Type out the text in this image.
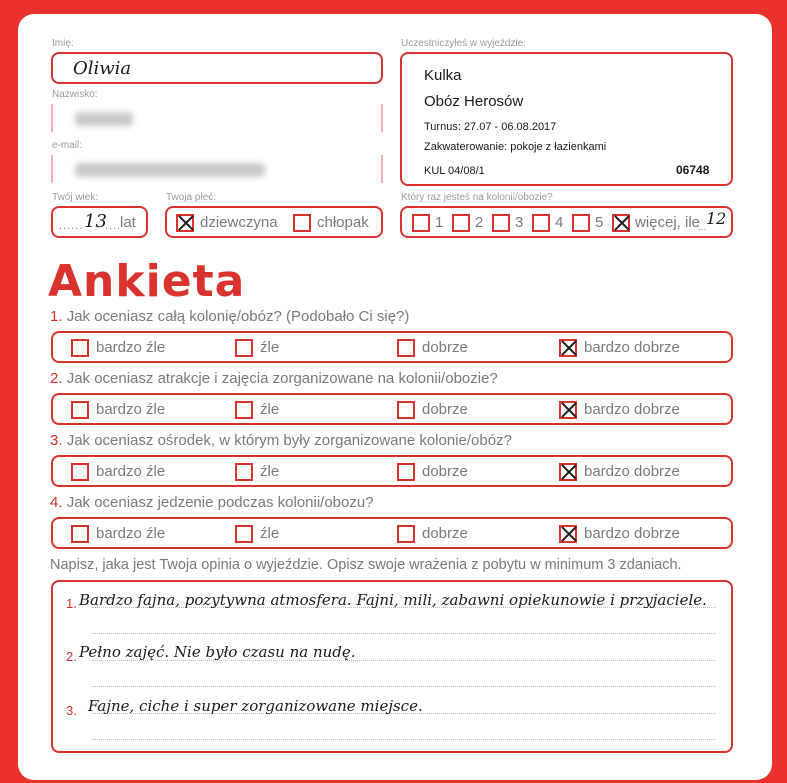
Imię:
Oliwia
Nazwisko:
e-mail:
Twój wiek:
...... 13
....
lat
Twoja płeć:
dziewczyna	chłopak
Uczestniczyłeś w wyjeździe:
Kulka
Obóz Herosów
Turnus: 27.07 - 06.08.2017
Zakwaterowanie: pokoje z łazienkami
KUL 04/08/1	06748
Który raz jesteś na kolonii/obozie?
1 2 3 4 5 więcej, ile
... 12
Ankieta
1. Jak oceniasz całą kolonię/obóz? (Podobało Ci się?)
bardzo źle	źle	dobrze	bardzo dobrze
2. Jak oceniasz atrakcje i zajęcia zorganizowane na kolonii/obozie?
bardzo źle	źle	dobrze	bardzo dobrze
3. Jak oceniasz ośrodek, w którym były zorganizowane kolonie/obóz?
bardzo źle	źle	dobrze	bardzo dobrze
4. Jak oceniasz jedzenie podczas kolonii/obozu?
bardzo źle	źle	dobrze	bardzo dobrze
Napisz, jaka jest Twoja opinia o wyjeździe. Opisz swoje wrażenia z pobytu w minimum 3 zdaniach.
1. Bardzo fajna, pozytywna atmosfera. Fajni, mili, zabawni opiekunowie i przyjaciele.
2. Pełno zajęć. Nie było czasu na nudę.
3. Fajne, ciche i super zorganizowane miejsce.
